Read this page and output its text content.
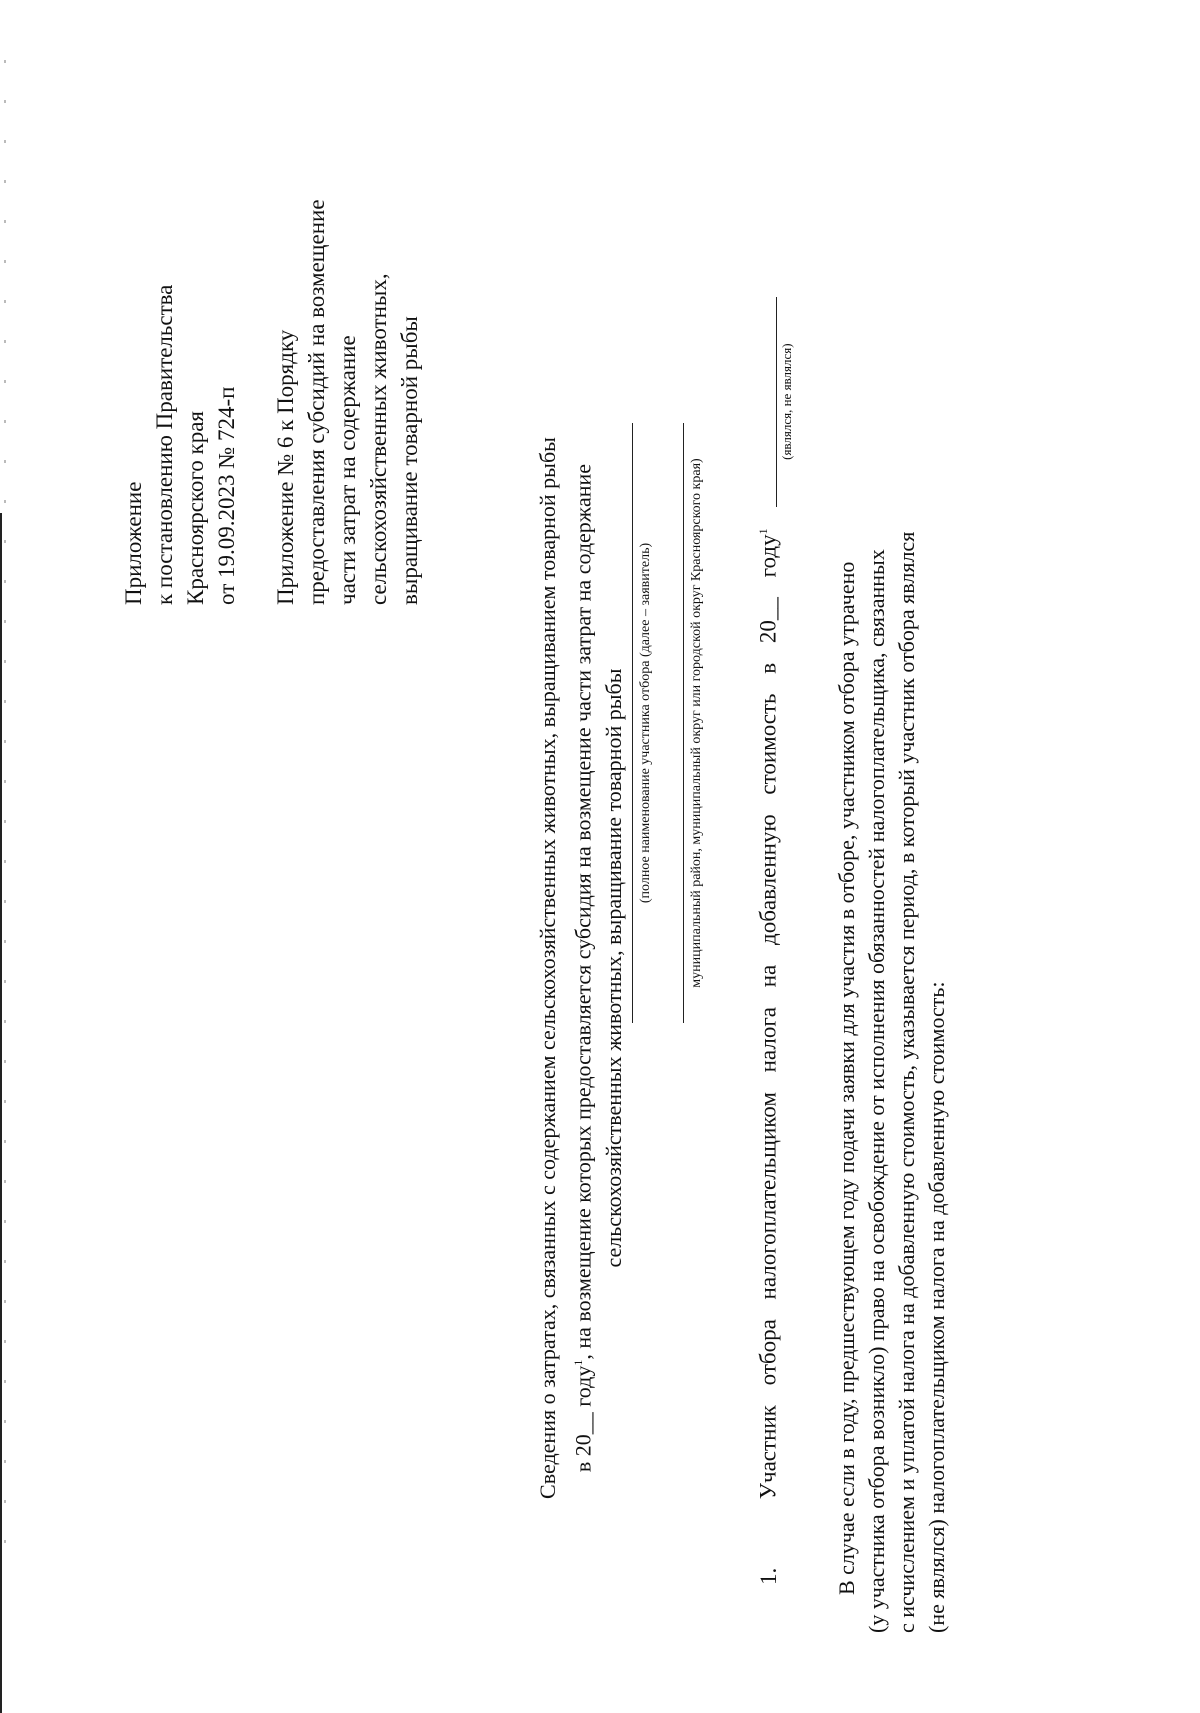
Приложение к постановлению Правительства Красноярского края от 19.09.2023 № 724-п Приложение № 6 к Порядку предоставления субсидий на возмещение части затрат на содержание сельскохозяйственных животных, выращивание товарной рыбы	Сведения о затратах, связанных с содержанием сельскохозяйственных животных, выращиванием товарной рыбы в 20__ году$^1$, на возмещение которых предоставляется субсидия на возмещение части затрат на содержание сельскохозяйственных животных, выращивание товарной рыбы (полное наименование участника отбора (далее – заявитель)	муниципальный район, муниципальный округ или городской округ Красноярского края)
1. Участник отбора налогоплательщиком налога на добавленную стоимость в 20__ году$^1$
(являлся, не являлся)
В случае если в году, предшествующем году подачи заявки для участия в отборе, участником отбора утрачено (у участника отбора возникло) право на освобождение от исполнения обязанностей налогоплательщика, связанных с исчислением и уплатой налога на добавленную стоимость, указывается период, в который участник отбора являлся (не являлся) налогоплательщиком налога на добавленную стоимость:
